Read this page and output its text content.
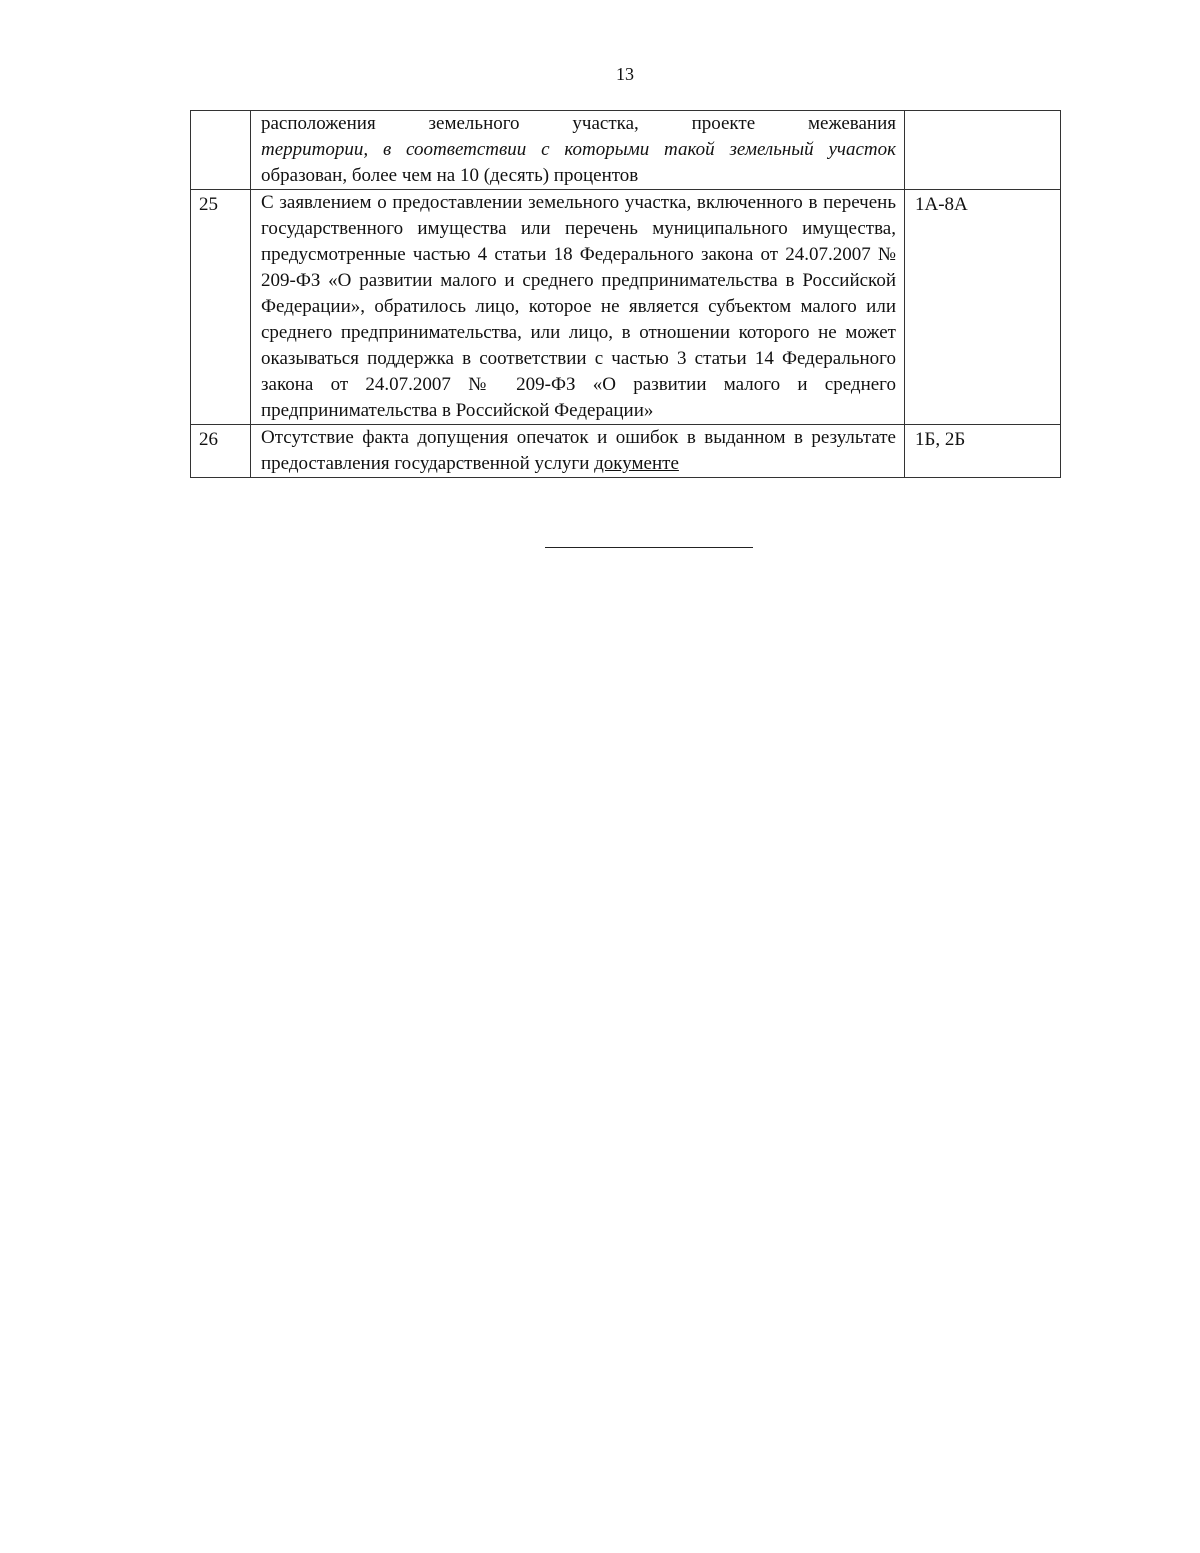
13

	расположения земельного участка, проекте межевания
территории, в соответствии с которыми такой земельный участок
образован, более чем на 10 (десять) процентов	

25	С заявлением о предоставлении земельного участка, включенного в перечень государственного имущества или перечень муниципального имущества, предусмотренные частью 4 статьи 18 Федерального закона от 24.07.2007 № 209-ФЗ «О развитии малого и среднего предпринимательства в Российской Федерации», обратилось лицо, которое не является субъектом малого или среднего предпринимательства, или лицо, в отношении которого не может оказываться поддержка в соответствии с частью 3 статьи 14 Федерального закона от 24.07.2007 № 209-ФЗ «О развитии малого и среднего предпринимательства в Российской Федерации»	1А-8А
26	Отсутствие факта допущения опечаток и ошибок в выданном в результате предоставления государственной услуги документе	1Б, 2Б
